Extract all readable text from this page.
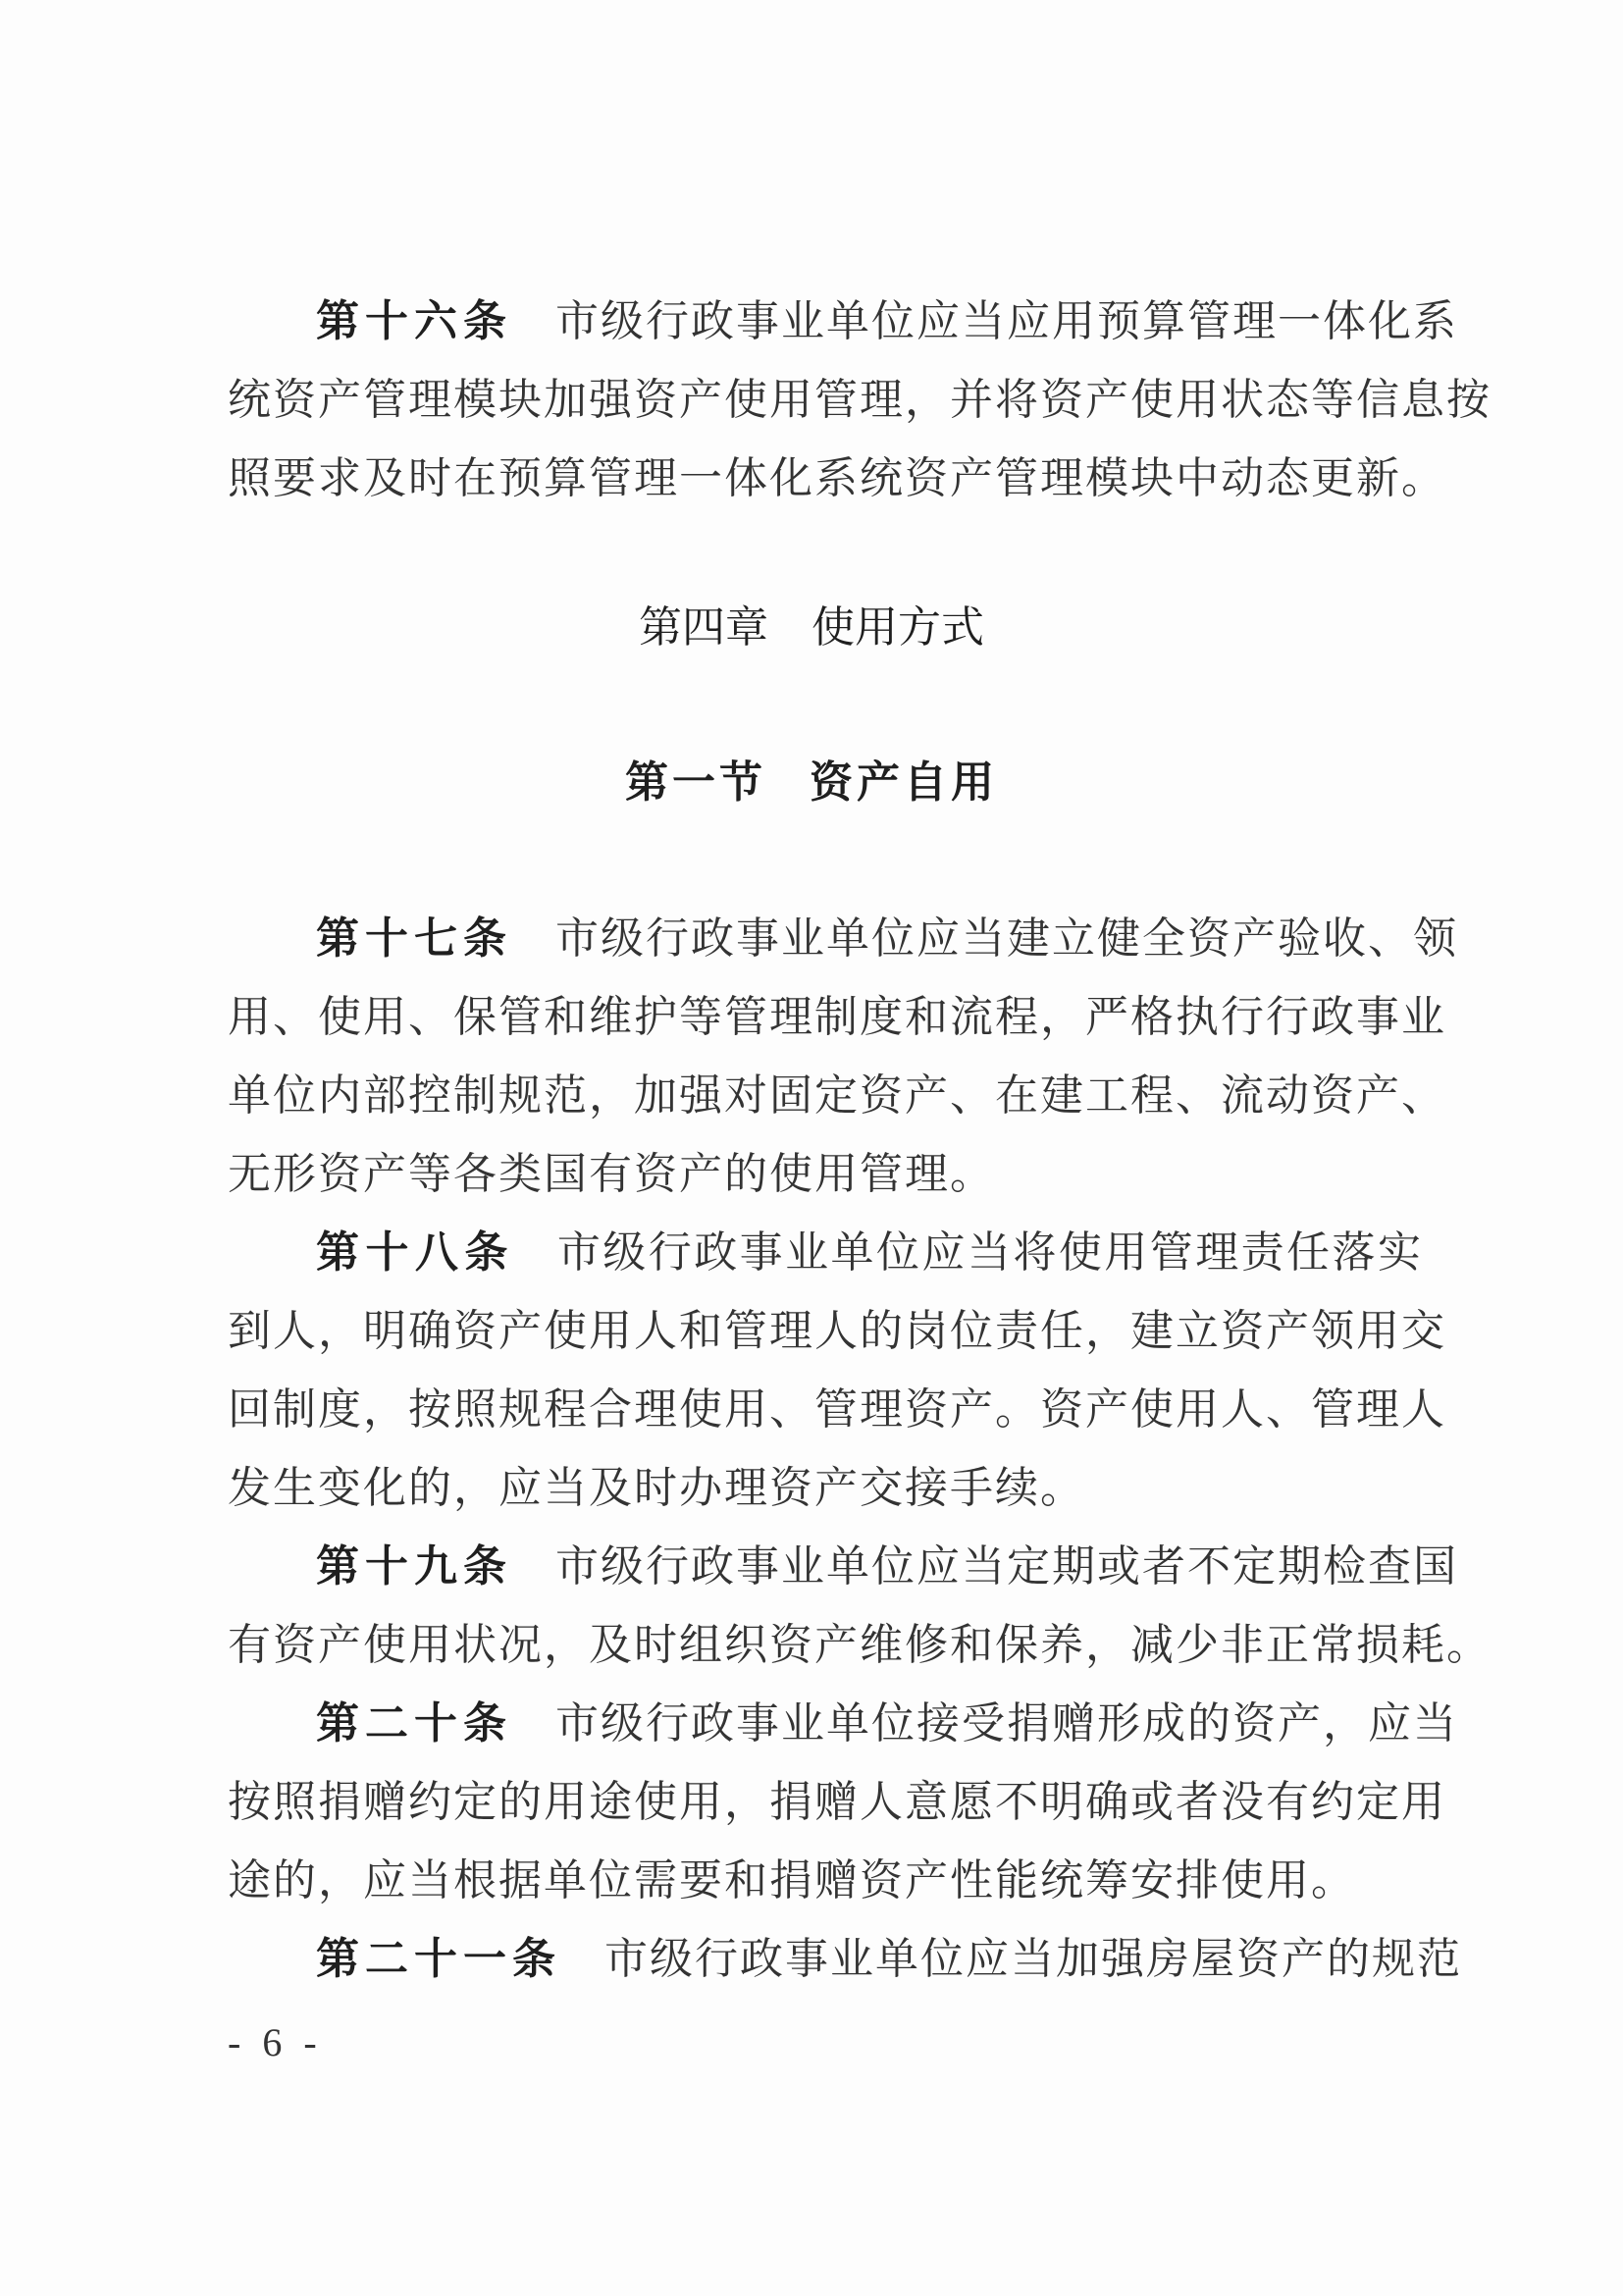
第十六条 市级行政事业单位应当应用预算管理一体化系
统资产管理模块加强资产使用管理，并将资产使用状态等信息按
照要求及时在预算管理一体化系统资产管理模块中动态更新。
第四章 使用方式
第一节 资产自用
第十七条 市级行政事业单位应当建立健全资产验收、领
用、使用、保管和维护等管理制度和流程，严格执行行政事业
单位内部控制规范，加强对固定资产、在建工程、流动资产、
无形资产等各类国有资产的使用管理。
第十八条 市级行政事业单位应当将使用管理责任落实
到人，明确资产使用人和管理人的岗位责任，建立资产领用交
回制度，按照规程合理使用、管理资产。资产使用人、管理人
发生变化的，应当及时办理资产交接手续。
第十九条 市级行政事业单位应当定期或者不定期检查国
有资产使用状况，及时组织资产维修和保养，减少非正常损耗。
第二十条 市级行政事业单位接受捐赠形成的资产，应当
按照捐赠约定的用途使用，捐赠人意愿不明确或者没有约定用
途的，应当根据单位需要和捐赠资产性能统筹安排使用。
第二十一条 市级行政事业单位应当加强房屋资产的规范
- 6 -
